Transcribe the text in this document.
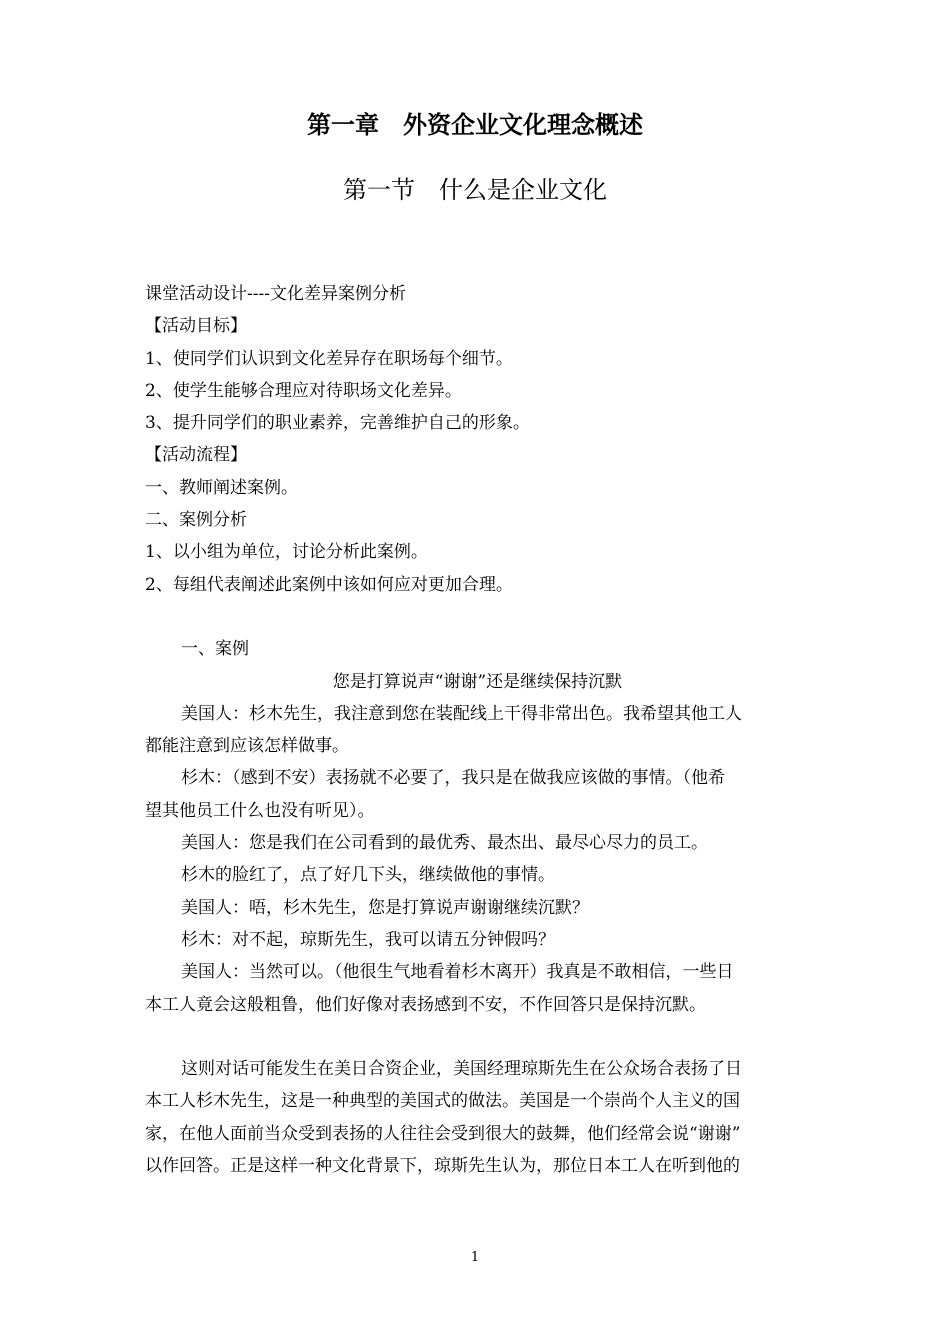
第一章　外资企业文化理念概述
第一节　什么是企业文化
课堂活动设计----文化差异案例分析
【活动目标】
1、使同学们认识到文化差异存在职场每个细节。
2、使学生能够合理应对待职场文化差异。
3、提升同学们的职业素养，完善维护自己的形象。
【活动流程】
一、教师阐述案例。
二、案例分析
1、以小组为单位，讨论分析此案例。
2、每组代表阐述此案例中该如何应对更加合理。
一、案例
您是打算说声“谢谢”还是继续保持沉默
美国人：杉木先生，我注意到您在装配线上干得非常出色。我希望其他工人
都能注意到应该怎样做事。
杉木：（感到不安）表扬就不必要了，我只是在做我应该做的事情。（他希
望其他员工什么也没有听见）。
美国人：您是我们在公司看到的最优秀、最杰出、最尽心尽力的员工。
杉木的脸红了，点了好几下头，继续做他的事情。
美国人：唔，杉木先生，您是打算说声谢谢继续沉默？
杉木：对不起，琼斯先生，我可以请五分钟假吗？
美国人：当然可以。（他很生气地看着杉木离开）我真是不敢相信，一些日
本工人竟会这般粗鲁，他们好像对表扬感到不安，不作回答只是保持沉默。
这则对话可能发生在美日合资企业，美国经理琼斯先生在公众场合表扬了日
本工人杉木先生，这是一种典型的美国式的做法。美国是一个崇尚个人主义的国
家，在他人面前当众受到表扬的人往往会受到很大的鼓舞，他们经常会说“谢谢”
以作回答。正是这样一种文化背景下，琼斯先生认为，那位日本工人在听到他的
1
